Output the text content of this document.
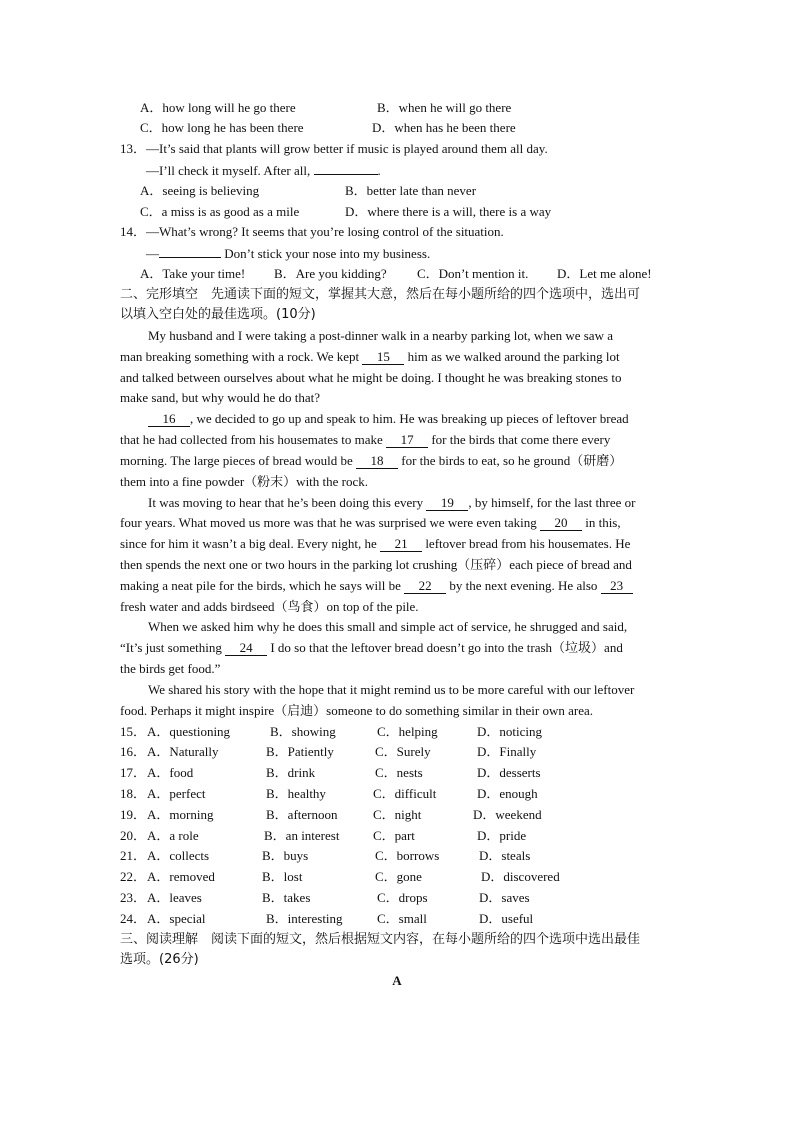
A．how long will he go there	B．when he will go there
C．how long he has been there	D．when has he been there
13．—It’s said that plants will grow better if music is played around them all day.
—I’ll check it myself. After all,	.
A．seeing is believing	B．better late than never
C．a miss is as good as a mile	D．where there is a will, there is a way
14．—What’s wrong? It seems that you’re losing control of the situation.
—	Don’t stick your nose into my business.
A．Take your time! B．Are you kidding? C．Don’t mention it. D．Let me alone!
二、完形填空　先通读下面的短文，掌握其大意，然后在每小题所给的四个选项中，选出可
以填入空白处的最佳选项。(10分)
My husband and I were taking a post-dinner walk in a nearby parking lot, when we saw a
man breaking something with a rock. We kept 15 him as we walked around the parking lot
and talked between ourselves about what he might be doing. I thought he was breaking stones to
make sand, but why would he do that?
16 , we decided to go up and speak to him. He was breaking up pieces of leftover bread
that he had collected from his housemates to make 17 for the birds that come there every
morning. The large pieces of bread would be 18 for the birds to eat, so he ground（研磨）
them into a fine powder（粉末）with the rock.
It was moving to hear that he’s been doing this every 19 , by himself, for the last three or
four years. What moved us more was that he was surprised we were even taking 20 in this,
since for him it wasn’t a big deal. Every night, he 21 leftover bread from his housemates. He
then spends the next one or two hours in the parking lot crushing（压碎）each piece of bread and
making a neat pile for the birds, which he says will be 22 by the next evening. He also 23
fresh water and adds birdseed（鸟食）on top of the pile.
When we asked him why he does this small and simple act of service, he shrugged and said,
“It’s just something 24 I do so that the leftover bread doesn’t go into the trash（垃圾）and
the birds get food.”
We shared his story with the hope that it might remind us to be more careful with our leftover
food. Perhaps it might inspire（启迪）someone to do something similar in their own area.
15． A．questioning	B．showing	C．helping	D．noticing
16． A．Naturally	B．Patiently	C．Surely	D．Finally
17． A．food	B．drink	C．nests	D．desserts
18． A．perfect	B．healthy	C．difficult	D．enough
19． A．morning	B．afternoon	C．night	D．weekend
20． A．a role	B．an interest	C．part	D．pride
21． A．collects	B．buys	C．borrows	D．steals
22． A．removed	B．lost	C．gone	D．discovered
23． A．leaves	B．takes	C．drops	D．saves
24． A．special	B．interesting	C．small	D．useful
三、阅读理解　阅读下面的短文，然后根据短文内容，在每小题所给的四个选项中选出最佳
选项。(26分)
A
